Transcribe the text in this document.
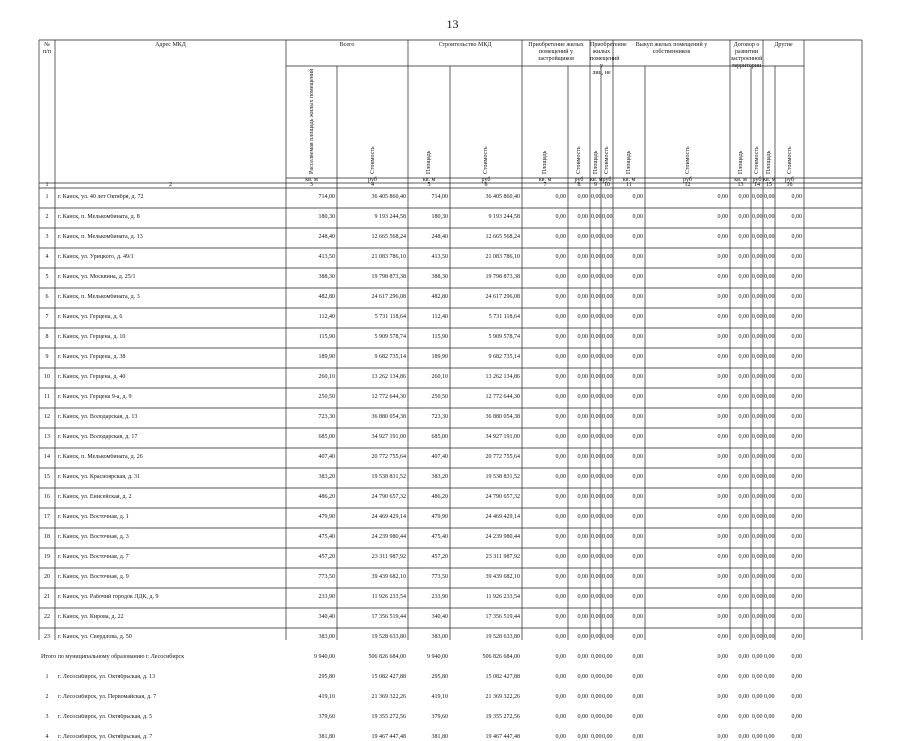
13
№
п/п
Адрес МКД	Всего	Строительство МКД	Приобретение жилых
помещений у застройщиков
Приобретение
жилых
помещений у
лиц, не
Выкуп жилых помещений у
собственников
Договор о
развитии
застроенной
территории
Другие
Расселяемая площадь жилых помещений	Стоимость	Площадь	Стоимость	Площадь	Стоимость Площадь Стоимость	Площадь	Стоимость	Площадь Стоимость Площадь Стоимость
кв. м	руб	кв. м	руб	кв. м	руб	кв. м руб	кв. м	руб	кв. м руб кв. м	руб
1	2	3	4	5	6	7	8	9	10	11	12	13	14	15	16
1	г. Канск, ул. 40 лет Октября, д. 72	714,00	36 405 860,40	714,00	36 405 860,40	0,00	0,00 0,00 0,00	0,00	0,00	0,00 0,00 0,00	0,00
2	г. Канск, п. Мелькомбината, д. 8	180,30	9 193 244,58	180,30	9 193 244,58	0,00	0,00 0,00 0,00	0,00	0,00	0,00 0,00 0,00	0,00
3	г. Канск, п. Мелькомбината, д. 13	248,40	12 665 568,24	248,40	12 665 568,24	0,00	0,00 0,00 0,00	0,00	0,00	0,00 0,00 0,00	0,00
4	г. Канск, ул. Урицкого, д. 49/1	413,50	21 083 786,10	413,50	21 083 786,10	0,00	0,00 0,00 0,00	0,00	0,00	0,00 0,00 0,00	0,00
5	г. Канск, ул. Москвина, д. 25/1	388,30	19 798 873,38	388,30	19 798 873,38	0,00	0,00 0,00 0,00	0,00	0,00	0,00 0,00 0,00	0,00
6	г. Канск, п. Мелькомбината, д. 3	482,80	24 617 296,08	482,80	24 617 296,08	0,00	0,00 0,00 0,00	0,00	0,00	0,00 0,00 0,00	0,00
7	г. Канск, ул. Герцена, д. 6	112,40	5 731 118,64	112,40	5 731 118,64	0,00	0,00 0,00 0,00	0,00	0,00	0,00 0,00 0,00	0,00
8	г. Канск, ул. Герцена, д. 10	115,90	5 909 578,74	115,90	5 909 578,74	0,00	0,00 0,00 0,00	0,00	0,00	0,00 0,00 0,00	0,00
9	г. Канск, ул. Герцена, д. 38	189,90	9 682 735,14	189,90	9 682 735,14	0,00	0,00 0,00 0,00	0,00	0,00	0,00 0,00 0,00	0,00
10	г. Канск, ул. Герцена, д. 40	260,10	13 262 134,86	260,10	13 262 134,86	0,00	0,00 0,00 0,00	0,00	0,00	0,00 0,00 0,00	0,00
11	г. Канск, ул. Герцена 9-а, д. 9	250,50	12 772 644,30	250,50	12 772 644,30	0,00	0,00 0,00 0,00	0,00	0,00	0,00 0,00 0,00	0,00
12	г. Канск, ул. Володарская, д. 13	723,30	36 880 054,38	723,30	36 880 054,38	0,00	0,00 0,00 0,00	0,00	0,00	0,00 0,00 0,00	0,00
13	г. Канск, ул. Володарская, д. 17	685,00	34 927 191,00	685,00	34 927 191,00	0,00	0,00 0,00 0,00	0,00	0,00	0,00 0,00 0,00	0,00
14	г. Канск, п. Мелькомбината, д. 26	407,40	20 772 755,64	407,40	20 772 755,64	0,00	0,00 0,00 0,00	0,00	0,00	0,00 0,00 0,00	0,00
15	г. Канск, ул. Красноярская, д. 31	383,20	19 538 831,52	383,20	19 538 831,52	0,00	0,00 0,00 0,00	0,00	0,00	0,00 0,00 0,00	0,00
16	г. Канск, ул. Енисейская, д. 2	486,20	24 790 657,32	486,20	24 790 657,32	0,00	0,00 0,00 0,00	0,00	0,00	0,00 0,00 0,00	0,00
17	г. Канск, ул. Восточная, д. 1	479,90	24 469 429,14	479,90	24 469 429,14	0,00	0,00 0,00 0,00	0,00	0,00	0,00 0,00 0,00	0,00
18	г. Канск, ул. Восточная, д. 3	475,40	24 239 980,44	475,40	24 239 980,44	0,00	0,00 0,00 0,00	0,00	0,00	0,00 0,00 0,00	0,00
19	г. Канск, ул. Восточная, д. 7	457,20	23 311 987,92	457,20	23 311 987,92	0,00	0,00 0,00 0,00	0,00	0,00	0,00 0,00 0,00	0,00
20	г. Канск, ул. Восточная, д. 9	773,50	39 439 682,10	773,50	39 439 682,10	0,00	0,00 0,00 0,00	0,00	0,00	0,00 0,00 0,00	0,00
21	г. Канск, ул. Рабочий городок ЛДК, д. 9	233,90	11 926 233,54	233,90	11 926 233,54	0,00	0,00 0,00 0,00	0,00	0,00	0,00 0,00 0,00	0,00
22	г. Канск, ул. Кирова, д. 22	340,40	17 356 519,44	340,40	17 356 519,44	0,00	0,00 0,00 0,00	0,00	0,00	0,00 0,00 0,00	0,00
23	г. Канск, ул. Свердлова, д. 50	383,00	19 528 633,80	383,00	19 528 633,80	0,00	0,00 0,00 0,00	0,00	0,00	0,00 0,00 0,00	0,00
Итого по муниципальному образованию г. Лесосибирск	9 940,00	506 826 684,00	9 940,00	506 826 684,00	0,00	0,00 0,00 0,00	0,00	0,00	0,00 0,00 0,00	0,00
1	г. Лесосибирск, ул. Октябрьская, д. 13	295,80	15 082 427,88	295,80	15 082 427,88	0,00	0,00 0,00 0,00	0,00	0,00	0,00 0,00 0,00	0,00
2	г. Лесосибирск, ул. Первомайская, д. 7	419,10	21 369 322,26	419,10	21 369 322,26	0,00	0,00 0,00 0,00	0,00	0,00	0,00 0,00 0,00	0,00
3	г. Лесосибирск, ул. Октябрьская, д. 5	379,60	19 355 272,56	379,60	19 355 272,56	0,00	0,00 0,00 0,00	0,00	0,00	0,00 0,00 0,00	0,00
4	г. Лесосибирск, ул. Октябрьская, д. 7	381,80	19 467 447,48	381,80	19 467 447,48	0,00	0,00 0,00 0,00	0,00	0,00	0,00 0,00 0,00	0,00
